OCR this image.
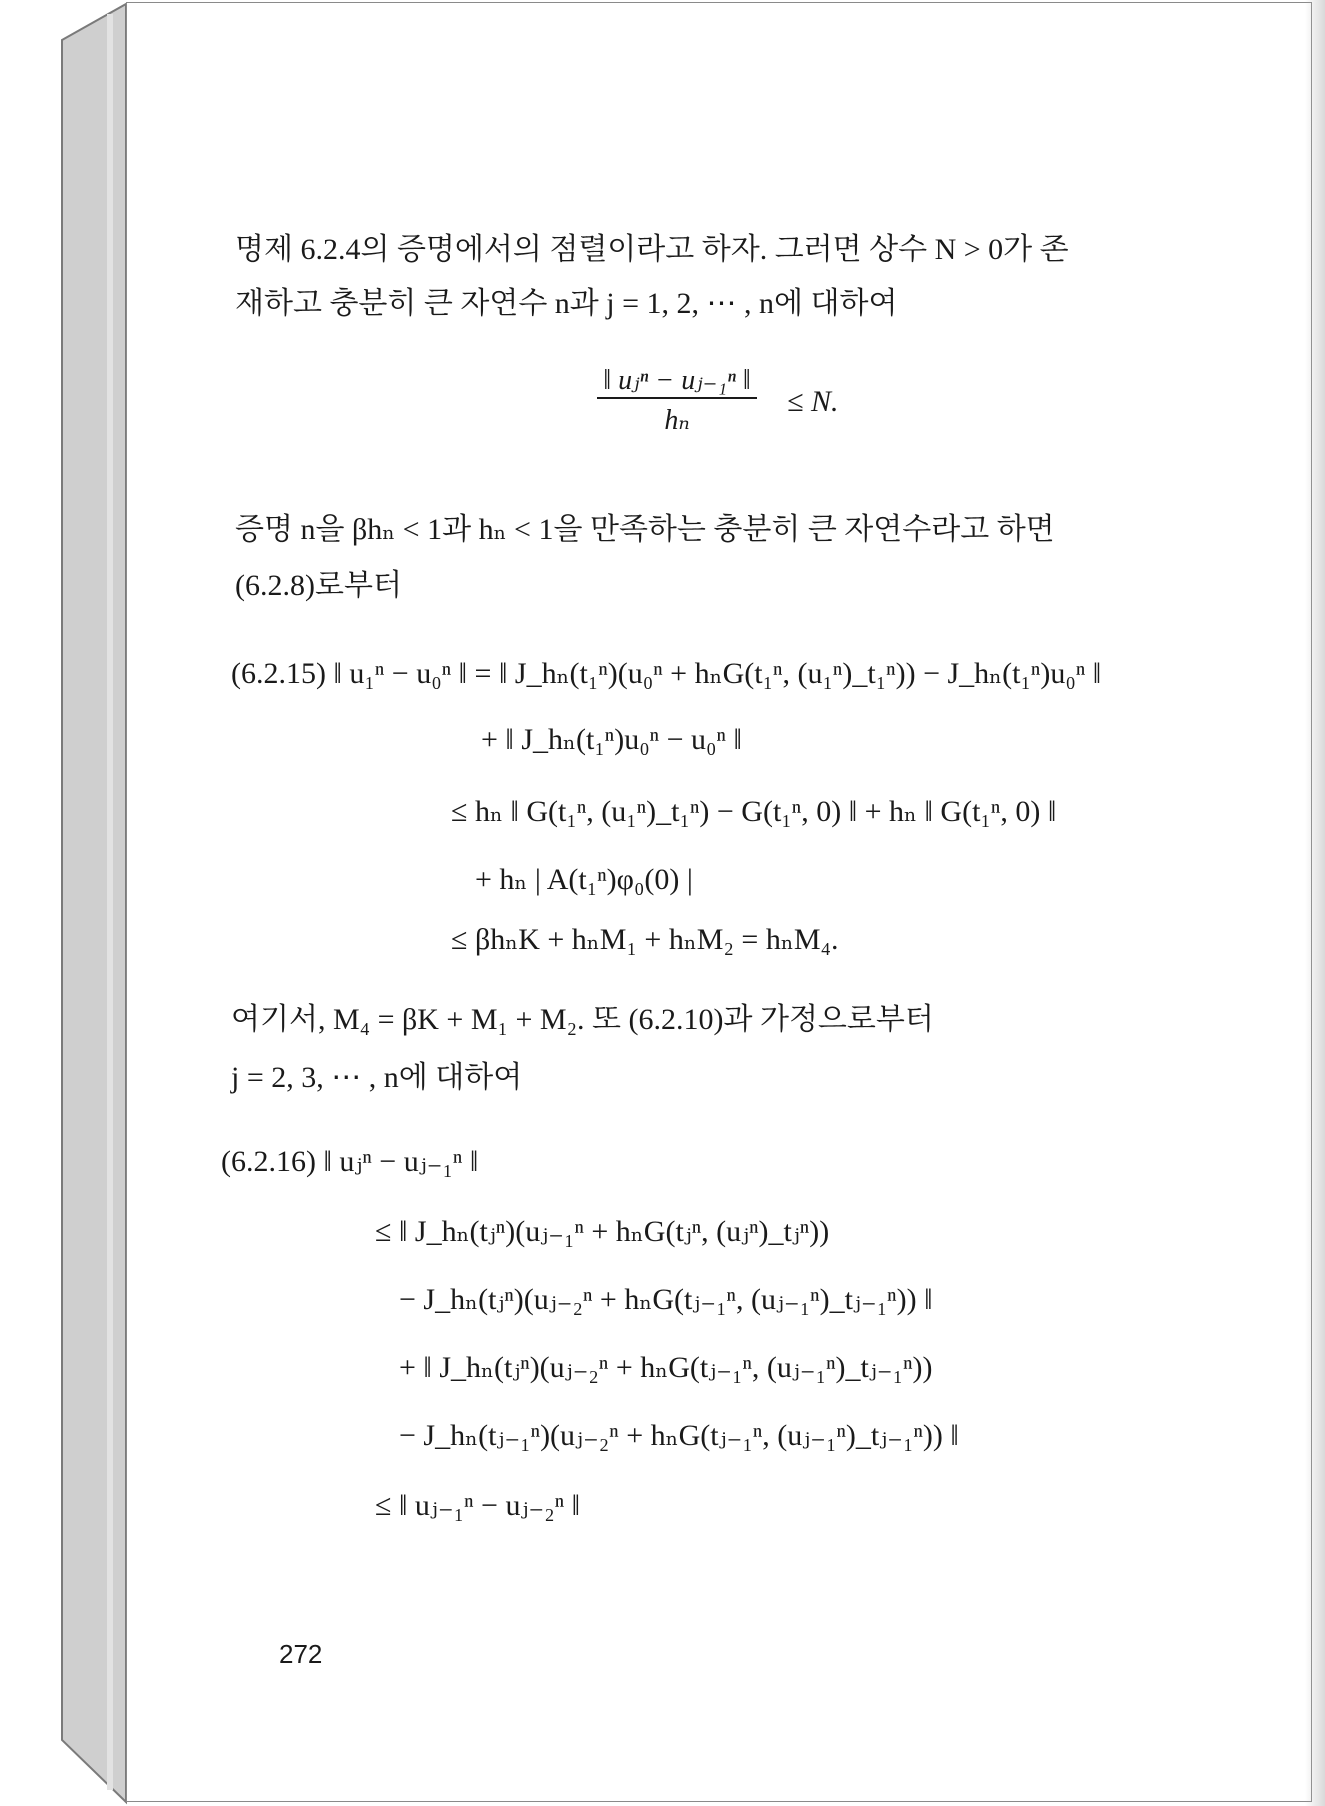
명제 6.2.4의 증명에서의 점렬이라고 하자. 그러면 상수 N > 0가 존
재하고 충분히 큰 자연수 n과 j = 1, 2, ⋯ , n에 대하여
‖ uⱼⁿ − uⱼ₋₁ⁿ ‖
hₙ
≤ N.
증명 n을 βhₙ < 1과 hₙ < 1을 만족하는 충분히 큰 자연수라고 하면
(6.2.8)로부터
(6.2.15) ‖ u₁ⁿ − u₀ⁿ ‖ = ‖ J_hₙ(t₁ⁿ)(u₀ⁿ + hₙG(t₁ⁿ, (u₁ⁿ)_t₁ⁿ)) − J_hₙ(t₁ⁿ)u₀ⁿ ‖
+ ‖ J_hₙ(t₁ⁿ)u₀ⁿ − u₀ⁿ ‖
≤ hₙ ‖ G(t₁ⁿ, (u₁ⁿ)_t₁ⁿ) − G(t₁ⁿ, 0) ‖ + hₙ ‖ G(t₁ⁿ, 0) ‖
+ hₙ | A(t₁ⁿ)φ₀(0) |
≤ βhₙK + hₙM₁ + hₙM₂ = hₙM₄.
여기서, M₄ = βK + M₁ + M₂. 또 (6.2.10)과 가정으로부터
j = 2, 3, ⋯ , n에 대하여
(6.2.16) ‖ uⱼⁿ − uⱼ₋₁ⁿ ‖
≤ ‖ J_hₙ(tⱼⁿ)(uⱼ₋₁ⁿ + hₙG(tⱼⁿ, (uⱼⁿ)_tⱼⁿ))
− J_hₙ(tⱼⁿ)(uⱼ₋₂ⁿ + hₙG(tⱼ₋₁ⁿ, (uⱼ₋₁ⁿ)_tⱼ₋₁ⁿ)) ‖
+ ‖ J_hₙ(tⱼⁿ)(uⱼ₋₂ⁿ + hₙG(tⱼ₋₁ⁿ, (uⱼ₋₁ⁿ)_tⱼ₋₁ⁿ))
− J_hₙ(tⱼ₋₁ⁿ)(uⱼ₋₂ⁿ + hₙG(tⱼ₋₁ⁿ, (uⱼ₋₁ⁿ)_tⱼ₋₁ⁿ)) ‖
≤ ‖ uⱼ₋₁ⁿ − uⱼ₋₂ⁿ ‖
272
